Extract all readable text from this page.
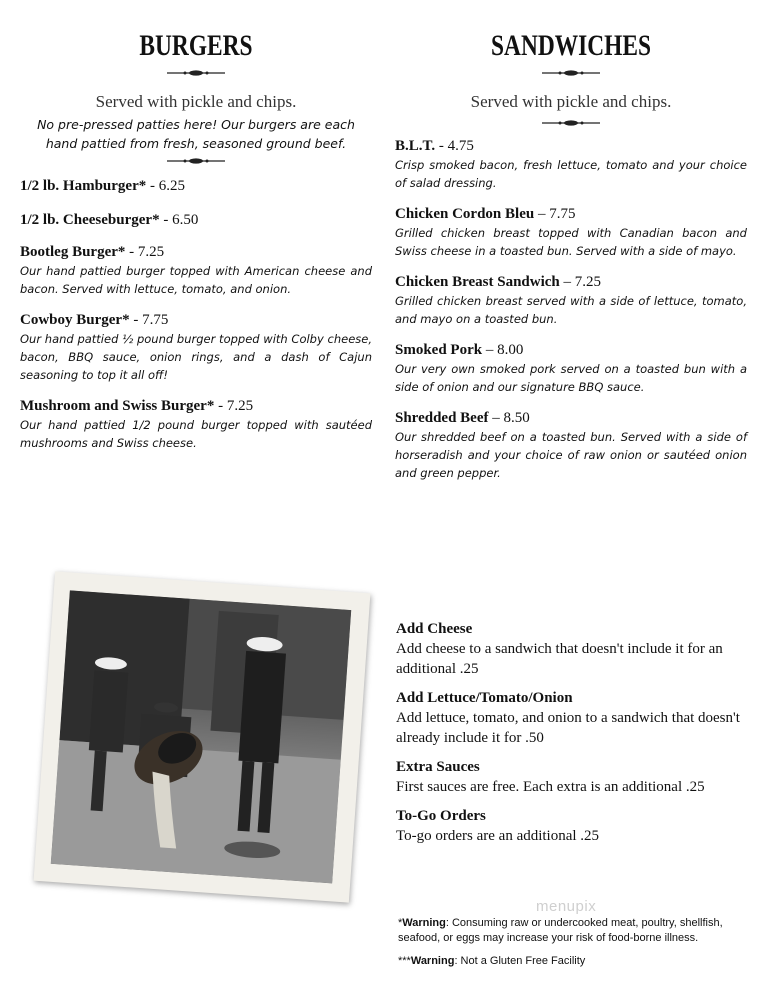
BURGERS
Served with pickle and chips.
No pre-pressed patties here! Our burgers are each hand pattied from fresh, seasoned ground beef.
1/2 lb. Hamburger* - 6.25
1/2 lb. Cheeseburger* - 6.50
Bootleg Burger* - 7.25
Our hand pattied burger topped with American cheese and bacon. Served with lettuce, tomato, and onion.
Cowboy Burger* - 7.75
Our hand pattied ½ pound burger topped with Colby cheese, bacon, BBQ sauce, onion rings, and a dash of Cajun seasoning to top it all off!
Mushroom and Swiss Burger* - 7.25
Our hand pattied 1/2 pound burger topped with sautéed mushrooms and Swiss cheese.
SANDWICHES
Served with pickle and chips.
B.L.T. - 4.75
Crisp smoked bacon, fresh lettuce, tomato and your choice of salad dressing.
Chicken Cordon Bleu – 7.75
Grilled chicken breast topped with Canadian bacon and Swiss cheese in a toasted bun. Served with a side of mayo.
Chicken Breast Sandwich – 7.25
Grilled chicken breast served with a side of lettuce, tomato, and mayo on a toasted bun.
Smoked Pork – 8.00
Our very own smoked pork served on a toasted bun with a side of onion and our signature BBQ sauce.
Shredded Beef – 8.50
Our shredded beef on a toasted bun. Served with a side of horseradish and your choice of raw onion or sautéed onion and green pepper.
Add Cheese
Add cheese to a sandwich that doesn't include it for an additional .25
Add Lettuce/Tomato/Onion
Add lettuce, tomato, and onion to a sandwich that doesn't already include it for .50
Extra Sauces
First sauces are free. Each extra is an additional .25
To-Go Orders
To-go orders are an additional .25
menupix

*Warning: Consuming raw or undercooked meat, poultry, shellfish, seafood, or eggs may increase your risk of food-borne illness.

***Warning: Not a Gluten Free Facility
